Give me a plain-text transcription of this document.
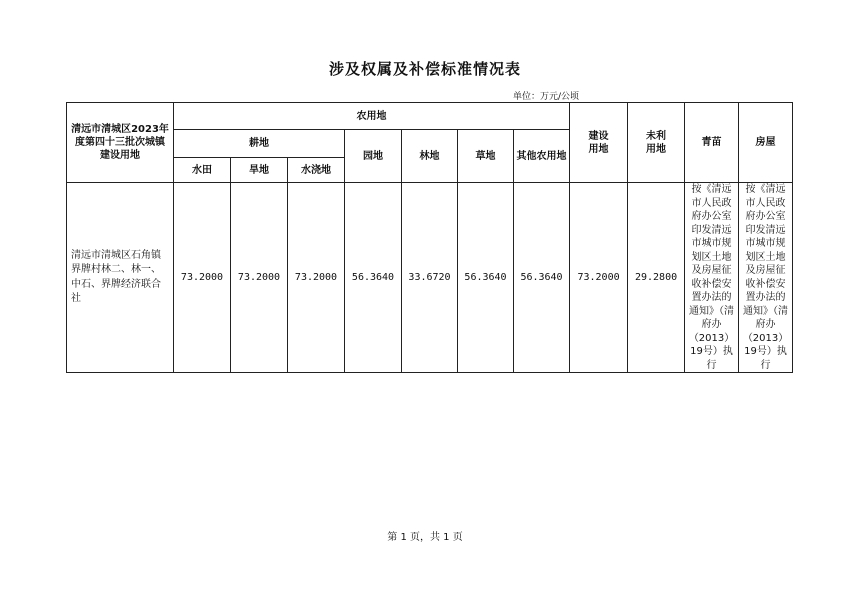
涉及权属及补偿标准情况表
单位：万元/公顷
清远市清城区2023年度第四十三批次城镇建设用地	农用地							建设用地	未利用地	青苗	房屋
	耕地			园地	林地	草地	其他农用地				
	水田	旱地	水浇地								
清远市清城区石角镇界牌村林二、林一、中石、界牌经济联合社	73.2000	73.2000	73.2000	56.3640	33.6720	56.3640	56.3640	73.2000	29.2800	按《清远市人民政府办公室印发清远市城市规划区土地及房屋征收补偿安置办法的通知》（清府办（2013）19号）执行	按《清远市人民政府办公室印发清远市城市规划区土地及房屋征收补偿安置办法的通知》（清府办（2013）19号）执行
第 1 页，共 1 页
